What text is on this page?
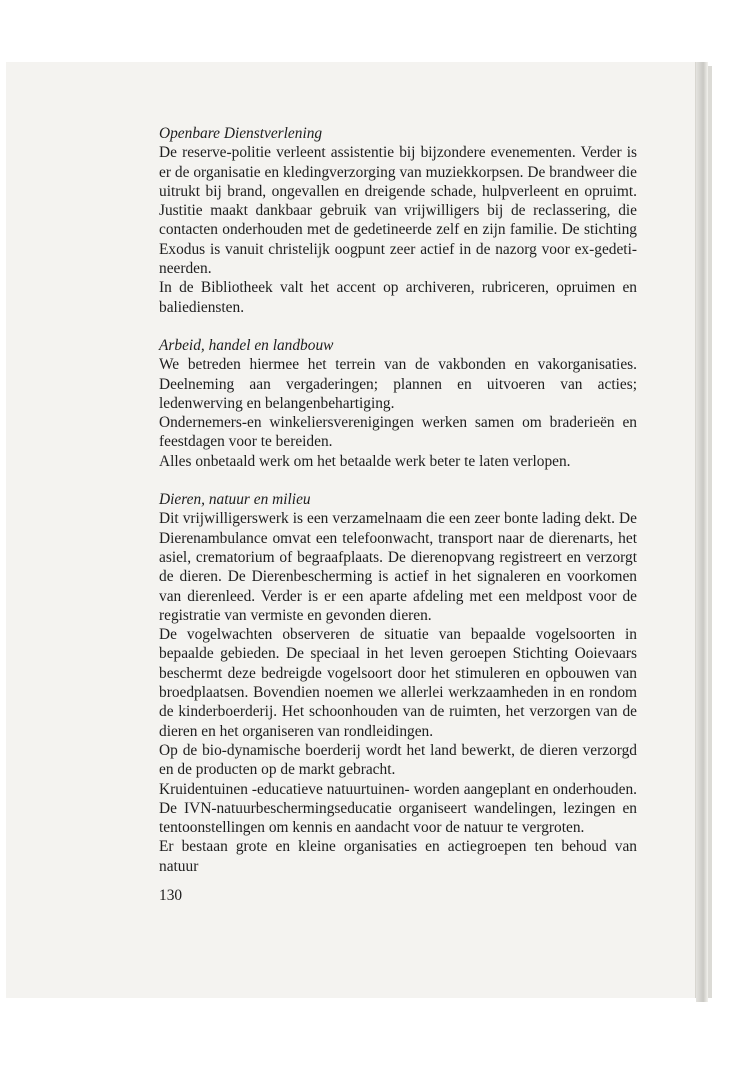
Openbare Dienstverlening

De reserve-politie verleent assistentie bij bijzondere evenementen. Verder is er de organisatie en kledingverzorging van muziekkorpsen. De brandweer die uitrukt bij brand, ongevallen en dreigende schade, hulpverleent en opruimt. Justitie maakt dankbaar gebruik van vrijwilligers bij de reclassering, die contacten onderhouden met de gedetineerde zelf en zijn familie. De stichting Exodus is vanuit christelijk oogpunt zeer actief in de nazorg voor ex-gedetineerden.

In de Bibliotheek valt het accent op archiveren, rubriceren, opruimen en baliediensten.

Arbeid, handel en landbouw

We betreden hiermee het terrein van de vakbonden en vakorganisaties. Deelneming aan vergaderingen; plannen en uitvoeren van acties; ledenwerving en belangenbehartiging.

Ondernemers-en winkeliersverenigingen werken samen om braderieën en feestdagen voor te bereiden.

Alles onbetaald werk om het betaalde werk beter te laten verlopen.

Dieren, natuur en milieu

Dit vrijwilligerswerk is een verzamelnaam die een zeer bonte lading dekt. De Dierenambulance omvat een telefoonwacht, transport naar de dierenarts, het asiel, crematorium of begraafplaats. De dierenopvang registreert en verzorgt de dieren. De Dierenbescherming is actief in het signaleren en voorkomen van dierenleed. Verder is er een aparte afdeling met een meldpost voor de registratie van vermiste en gevonden dieren.

De vogelwachten observeren de situatie van bepaalde vogelsoorten in bepaalde gebieden. De speciaal in het leven geroepen Stichting Ooievaars beschermt deze bedreigde vogelsoort door het stimuleren en opbouwen van broedplaatsen. Bovendien noemen we allerlei werkzaamheden in en rondom de kinderboerderij. Het schoonhouden van de ruimten, het verzorgen van de dieren en het organiseren van rondleidingen.

Op de bio-dynamische boerderij wordt het land bewerkt, de dieren verzorgd en de producten op de markt gebracht.

Kruidentuinen -educatieve natuurtuinen- worden aangeplant en onderhouden. De IVN-natuurbeschermingseducatie organiseert wandelingen, lezingen en tentoonstellingen om kennis en aandacht voor de natuur te vergroten.

Er bestaan grote en kleine organisaties en actiegroepen ten behoud van natuur

130
